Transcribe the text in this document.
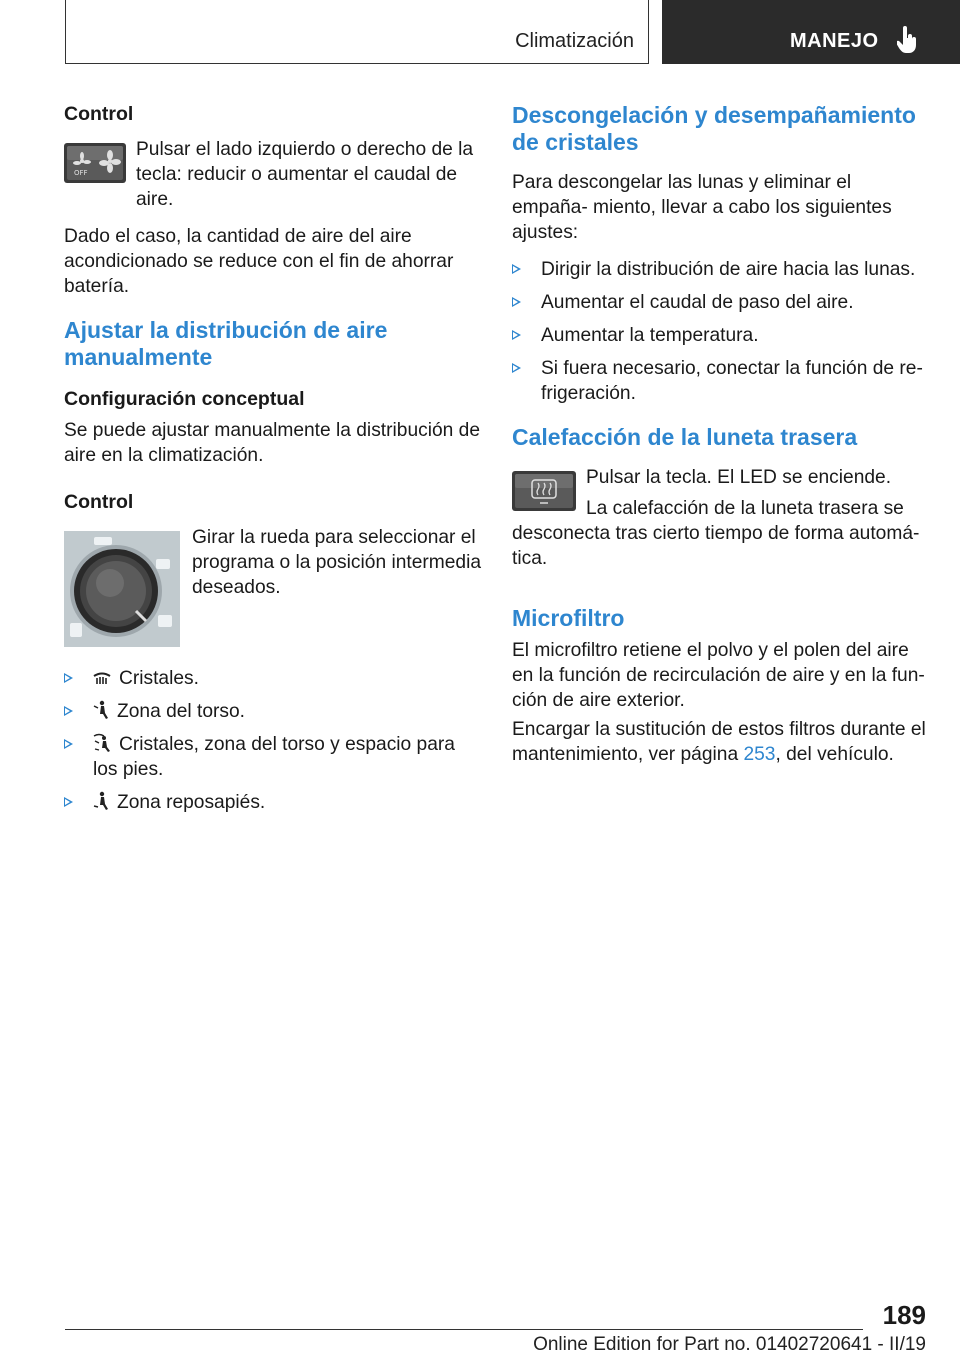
Climatización	MANEJO
Control
OFF

Pulsar el lado izquierdo o derecho de la tecla: reducir o aumentar el caudal de aire.

Dado el caso, la cantidad de aire del aire acondicionado se reduce con el fin de ahorrar batería.

Ajustar la distribución de aire manualmente
Configuración conceptual

Se puede ajustar manualmente la distribución de aire en la climatización.

Control

Girar la rueda para seleccionar el programa o la posición intermedia deseados.

Cristales.
Zona del torso.
Cristales, zona del torso y espacio para los pies.
Zona reposapiés.
Descongelación y desempañamiento de cristales

Para descongelar las lunas y eliminar el empaña- miento, llevar a cabo los siguientes ajustes:

Dirigir la distribución de aire hacia las lunas.
Aumentar el caudal de paso del aire.
Aumentar la temperatura.
Si fuera necesario, conectar la función de re- frigeración.
Calefacción de la luneta trasera

Pulsar la tecla. El LED se enciende.

La calefacción de la luneta trasera se desconecta tras cierto tiempo de forma automá- tica.

Microfiltro

El microfiltro retiene el polvo y el polen del aire en la función de recirculación de aire y en la fun- ción de aire exterior.

Encargar la sustitución de estos filtros durante el mantenimiento, ver página 253, del vehículo.

189
Online Edition for Part no. 01402720641 - II/19
